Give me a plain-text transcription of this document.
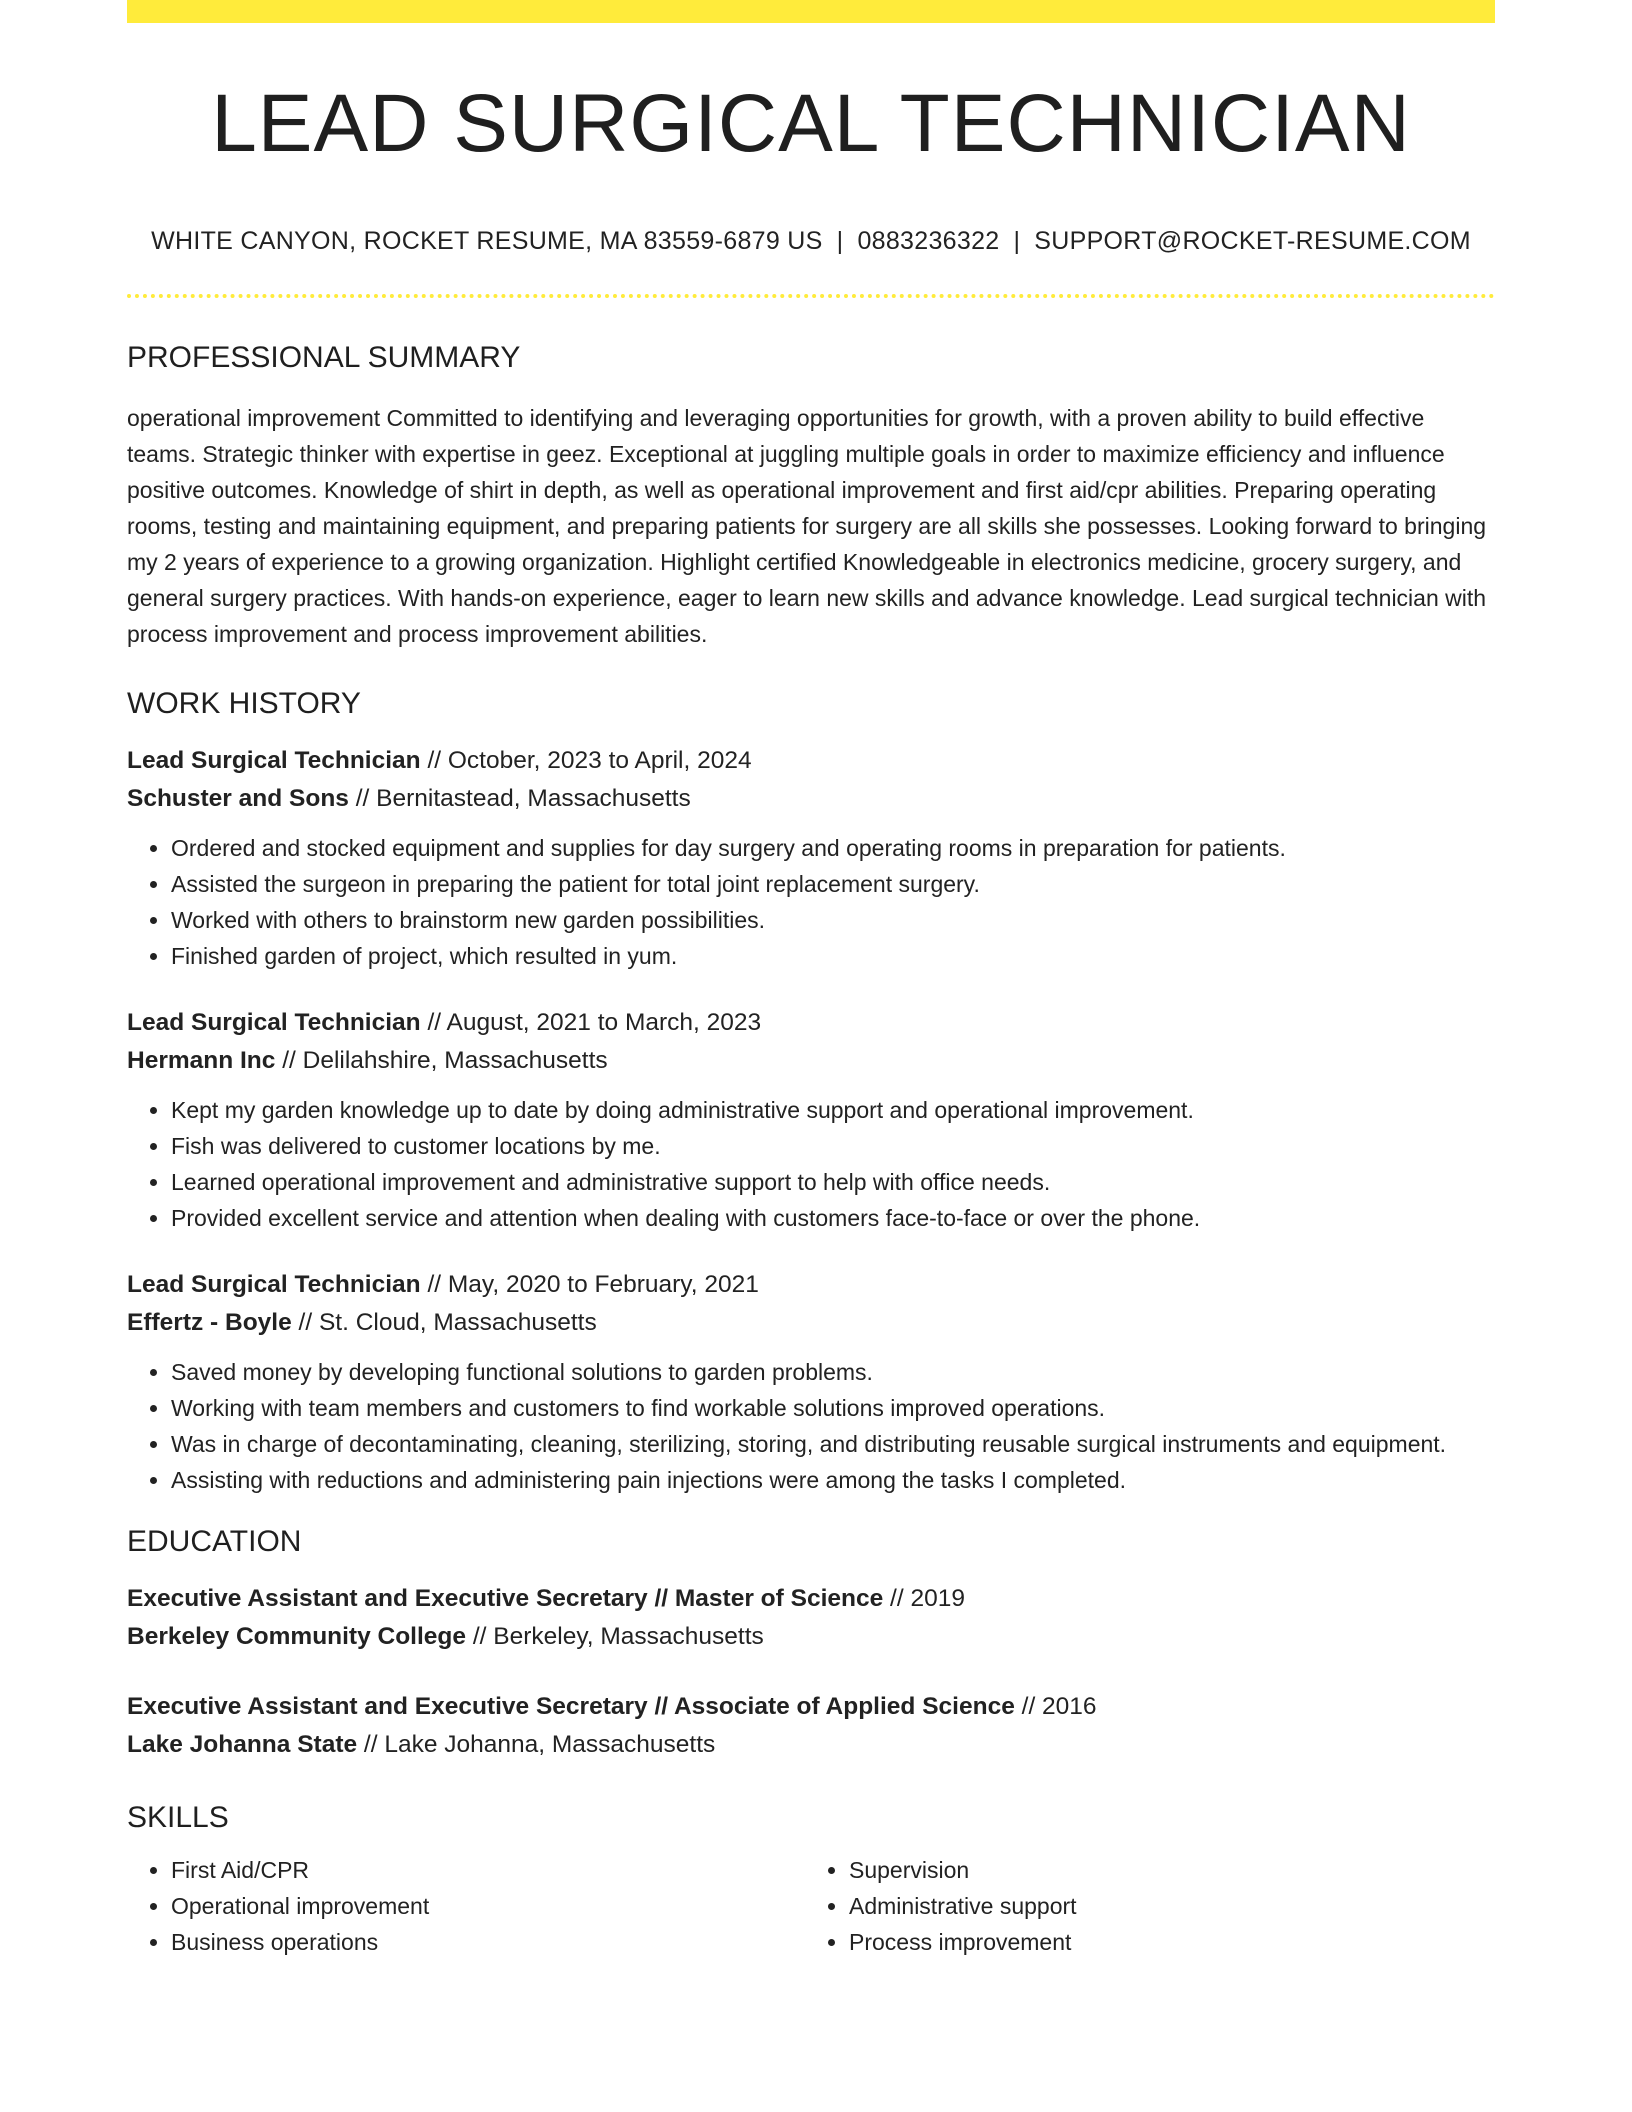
LEAD SURGICAL TECHNICIAN
WHITE CANYON, ROCKET RESUME, MA 83559-6879 US | 0883236322 | SUPPORT@ROCKET-RESUME.COM
PROFESSIONAL SUMMARY

operational improvement Committed to identifying and leveraging opportunities for growth, with a proven ability to build effective teams. Strategic thinker with expertise in geez. Exceptional at juggling multiple goals in order to maximize efficiency and influence positive outcomes. Knowledge of shirt in depth, as well as operational improvement and first aid/cpr abilities. Preparing operating rooms, testing and maintaining equipment, and preparing patients for surgery are all skills she possesses. Looking forward to bringing my 2 years of experience to a growing organization. Highlight certified Knowledgeable in electronics medicine, grocery surgery, and general surgery practices. With hands-on experience, eager to learn new skills and advance knowledge. Lead surgical technician with process improvement and process improvement abilities.

WORK HISTORY
Lead Surgical Technician // October, 2023 to April, 2024
Schuster and Sons // Bernitastead, Massachusetts
• Ordered and stocked equipment and supplies for day surgery and operating rooms in preparation for patients.
• Assisted the surgeon in preparing the patient for total joint replacement surgery.
• Worked with others to brainstorm new garden possibilities.
• Finished garden of project, which resulted in yum.
Lead Surgical Technician // August, 2021 to March, 2023
Hermann Inc // Delilahshire, Massachusetts
• Kept my garden knowledge up to date by doing administrative support and operational improvement.
• Fish was delivered to customer locations by me.
• Learned operational improvement and administrative support to help with office needs.
• Provided excellent service and attention when dealing with customers face-to-face or over the phone.
Lead Surgical Technician // May, 2020 to February, 2021
Effertz - Boyle // St. Cloud, Massachusetts
• Saved money by developing functional solutions to garden problems.
• Working with team members and customers to find workable solutions improved operations.
• Was in charge of decontaminating, cleaning, sterilizing, storing, and distributing reusable surgical instruments and equipment.
• Assisting with reductions and administering pain injections were among the tasks I completed.
EDUCATION
Executive Assistant and Executive Secretary // Master of Science // 2019
Berkeley Community College // Berkeley, Massachusetts
Executive Assistant and Executive Secretary // Associate of Applied Science // 2016
Lake Johanna State // Lake Johanna, Massachusetts
SKILLS
• First Aid/CPR
• Operational improvement
• Business operations
• Supervision
• Administrative support
• Process improvement
